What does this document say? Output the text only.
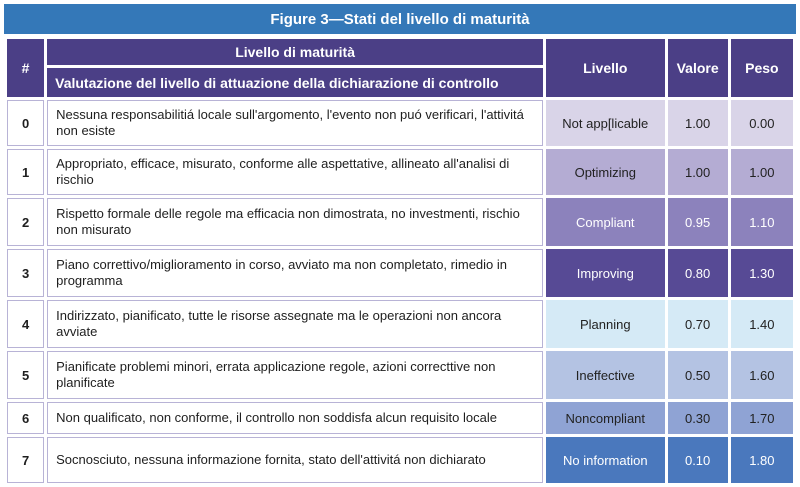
Figure 3—Stati del livello di maturità
#	Livello di maturità	Livello	Valore	Peso
	Valutazione del livello di attuazione della dichiarazione di controllo			
0	Nessuna responsabilitiá locale sull'argomento, l'evento non puó verificari, l'attivitá non esiste	Not app[licable	1.00	0.00
1	Appropriato, efficace, misurato, conforme alle aspettative, allineato all'analisi di rischio	Optimizing	1.00	1.00
2	Rispetto formale delle regole ma efficacia non dimostrata, no investmenti, rischio non misurato	Compliant	0.95	1.10
3	Piano correttivo/miglioramento in corso, avviato ma non completato, rimedio in programma	Improving	0.80	1.30
4	Indirizzato, pianificato, tutte le risorse assegnate ma le operazioni non ancora avviate	Planning	0.70	1.40
5	Pianificate problemi minori, errata applicazione regole, azioni correcttive non planificate	Ineffective	0.50	1.60
6	Non qualificato, non conforme, il controllo non soddisfa alcun requisito locale	Noncompliant	0.30	1.70
7	Socnosciuto, nessuna informazione fornita, stato dell'attivitá non dichiarato	No information	0.10	1.80
